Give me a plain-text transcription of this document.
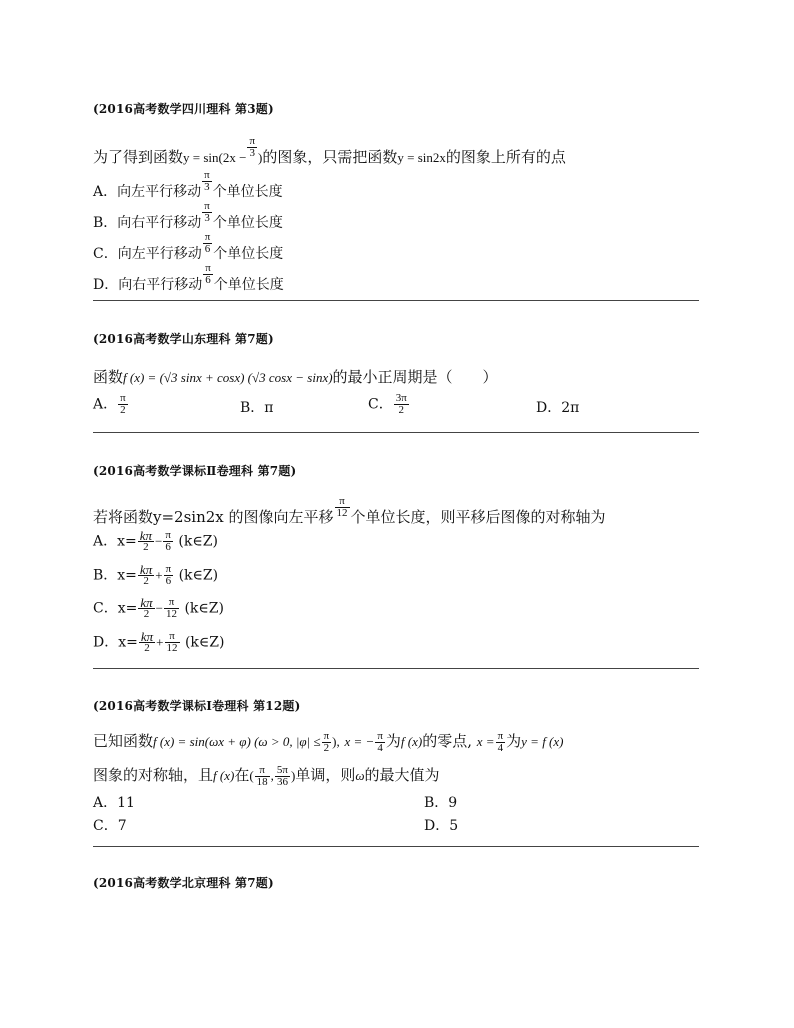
(2016高考数学四川理科 第3题)
为了得到函数$y = \sin(2x - \frac{\pi}{3}$ )的图象，只需把函数y = sin2x的图象上所有的点
A．向左平行移动 $\frac{\pi}{3}$ 个单位长度
B．向右平行移动 $\frac{\pi}{3}$ 个单位长度
C．向左平行移动 $\frac{\pi}{6}$ 个单位长度
D．向右平行移动 $\frac{\pi}{6}$ 个单位长度
(2016高考数学山东理科 第7题)
函数f (x) = (√3 sinx + cosx) (√3 cosx − sinx)的最小正周期是（　　）
A． $\frac{\pi}{2}$	B．π	C． $\frac{3\pi}{2}$	D．2π
(2016高考数学课标Ⅱ卷理科 第7题)
若将函数y=2sin2x 的图像向左平移 $\frac{\pi}{12}$ 个单位长度，则平移后图像的对称轴为
A．$x= \frac{k\pi}{2} - \frac{\pi}{6}$ (k∈Z)
B．$x= \frac{k\pi}{2} + \frac{\pi}{6}$ (k∈Z)
C．$x= \frac{k\pi}{2} - \frac{\pi}{12}$ (k∈Z)
D．$x= \frac{k\pi}{2} + \frac{\pi}{12}$ (k∈Z)
(2016高考数学课标Ⅰ卷理科 第12题)
已知函数f (x) = sin(ωx + φ) (ω > 0, $|\varphi| \le \frac{\pi}{2}$ ), x = − $\frac{\pi}{4}$ 为f (x)的零点, $x = \frac{\pi}{4}$ 为y = f (x)
图象的对称轴，且f (x)在( $\frac{\pi}{18}$ , $\frac{5\pi}{36}$ )单调，则ω的最大值为
A．11	B．9
C．7	D．5
(2016高考数学北京理科 第7题)
